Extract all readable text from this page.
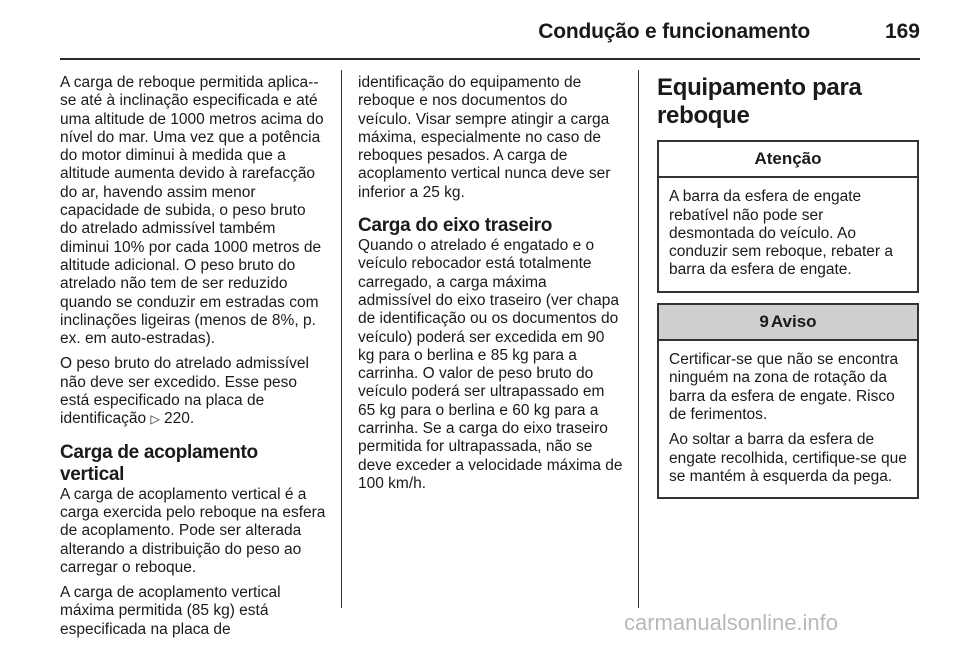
Condução e funcionamento	169

A carga de reboque permitida aplica--se até à inclinação especificada e até uma altitude de 1000 metros acima do nível do mar. Uma vez que a potência do motor diminui à medida que a altitude aumenta devido à rarefacção do ar, havendo assim menor capacidade de subida, o peso bruto do atrelado admissível também diminui 10% por cada 1000 metros de altitude adicional. O peso bruto do atrelado não tem de ser reduzido quando se conduzir em estradas com inclinações ligeiras (menos de 8%, p. ex. em auto-estradas).

O peso bruto do atrelado admissível não deve ser excedido. Esse peso está especificado na placa de identificação ▷ 220.

Carga de acoplamento vertical

A carga de acoplamento vertical é a carga exercida pelo reboque na esfera de acoplamento. Pode ser alterada alterando a distribuição do peso ao carregar o reboque.

A carga de acoplamento vertical máxima permitida (85 kg) está especificada na placa de

identificação do equipamento de reboque e nos documentos do veículo. Visar sempre atingir a carga máxima, especialmente no caso de reboques pesados. A carga de acoplamento vertical nunca deve ser inferior a 25 kg.

Carga do eixo traseiro

Quando o atrelado é engatado e o veículo rebocador está totalmente carregado, a carga máxima admissível do eixo traseiro (ver chapa de identificação ou os documentos do veículo) poderá ser excedida em 90 kg para o berlina e 85 kg para a carrinha. O valor de peso bruto do veículo poderá ser ultrapassado em 65 kg para o berlina e 60 kg para a carrinha. Se a carga do eixo traseiro permitida for ultrapassada, não se deve exceder a velocidade máxima de 100 km/h.

Equipamento para reboque
Atenção

A barra da esfera de engate rebatível não pode ser desmontada do veículo. Ao conduzir sem reboque, rebater a barra da esfera de engate.

9 Aviso

Certificar-se que não se encontra ninguém na zona de rotação da barra da esfera de engate. Risco de ferimentos.

Ao soltar a barra da esfera de engate recolhida, certifique-se que se mantém à esquerda da pega.

carmanualsonline.info
